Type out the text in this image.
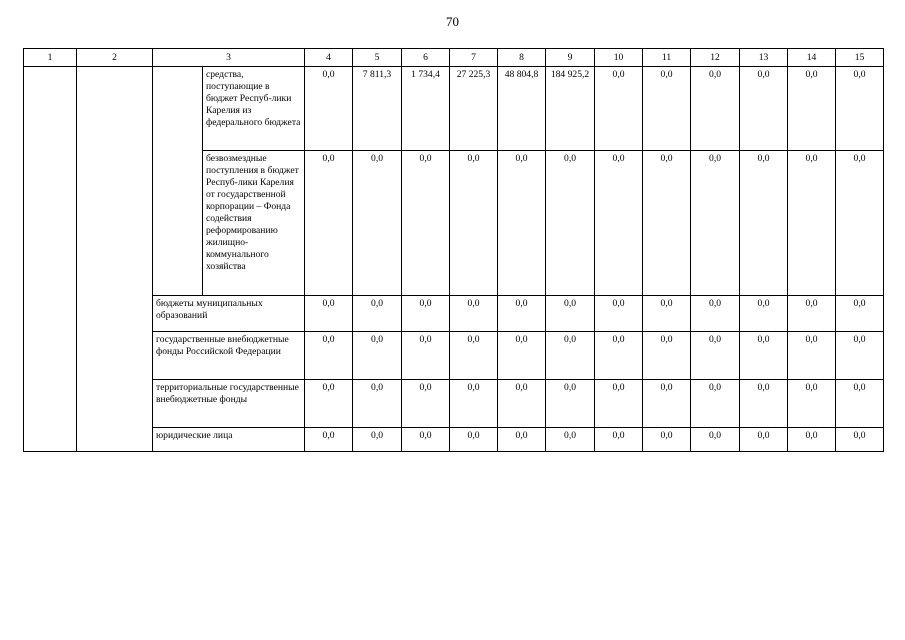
70
1	2	3		4	5	6	7	8	9	10	11	12	13	14	15
			средства, поступающие в бюджет Респуб-лики Карелия из федерального бюджета	0,0	7 811,3	1 734,4	27 225,3	48 804,8	184 925,2	0,0	0,0	0,0	0,0	0,0	0,0
			безвозмездные поступления в бюджет Респуб-лики Карелия от государственной корпорации – Фонда содействия реформированию жилищно-коммунального хозяйства	0,0	0,0	0,0	0,0	0,0	0,0	0,0	0,0	0,0	0,0	0,0	0,0
		бюджеты муниципальных образований		0,0	0,0	0,0	0,0	0,0	0,0	0,0	0,0	0,0	0,0	0,0	0,0
		государственные внебюджетные фонды Российской Федерации		0,0	0,0	0,0	0,0	0,0	0,0	0,0	0,0	0,0	0,0	0,0	0,0
		территориальные государственные внебюджетные фонды		0,0	0,0	0,0	0,0	0,0	0,0	0,0	0,0	0,0	0,0	0,0	0,0
		юридические лица		0,0	0,0	0,0	0,0	0,0	0,0	0,0	0,0	0,0	0,0	0,0	0,0
